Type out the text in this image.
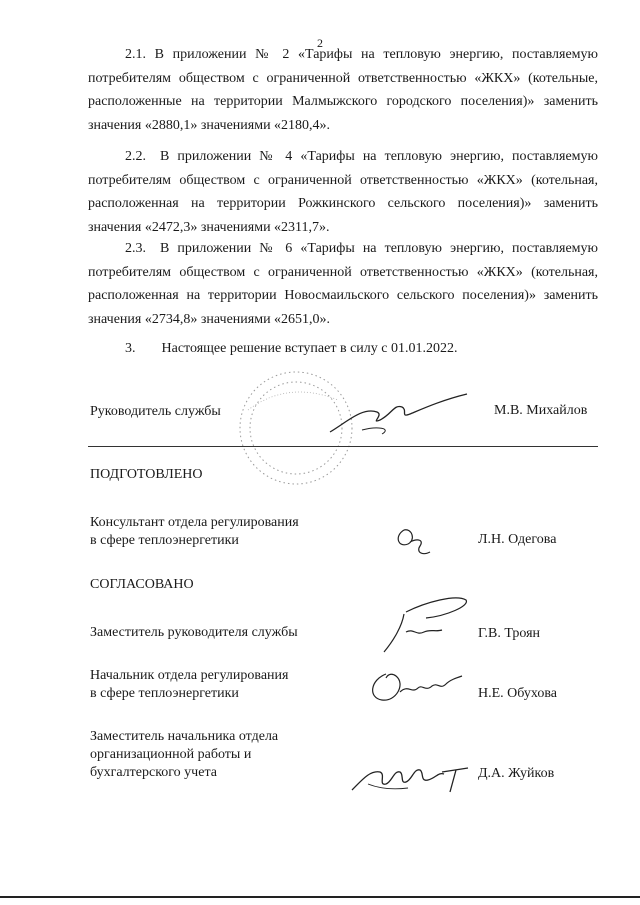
2
2.1. В приложении № 2 «Тарифы на тепловую энергию, поставляемую потребителям обществом с ограниченной ответственностью «ЖКХ» (котельные, расположенные на территории Малмыжского городского поселения)» заменить значения «2880,1» значениями «2180,4».
2.2. В приложении № 4 «Тарифы на тепловую энергию, поставляемую потребителям обществом с ограниченной ответственностью «ЖКХ» (котельная, расположенная на территории Рожкинского сельского поселения)» заменить значения «2472,3» значениями «2311,7».
2.3. В приложении № 6 «Тарифы на тепловую энергию, поставляемую потребителям обществом с ограниченной ответственностью «ЖКХ» (котельная, расположенная на территории Новосмаильского сельского поселения)» заменить значения «2734,8» значениями «2651,0».
3. Настоящее решение вступает в силу с 01.01.2022.
Руководитель службы	М.В. Михайлов
ПОДГОТОВЛЕНО
Консультант отдела регулирования
в сфере теплоэнергетики	Л.Н. Одегова
СОГЛАСОВАНО
Заместитель руководителя службы	Г.В. Троян
Начальник отдела регулирования
в сфере теплоэнергетики	Н.Е. Обухова
Заместитель начальника отдела
организационной работы и
бухгалтерского учета	Д.А. Жуйков
